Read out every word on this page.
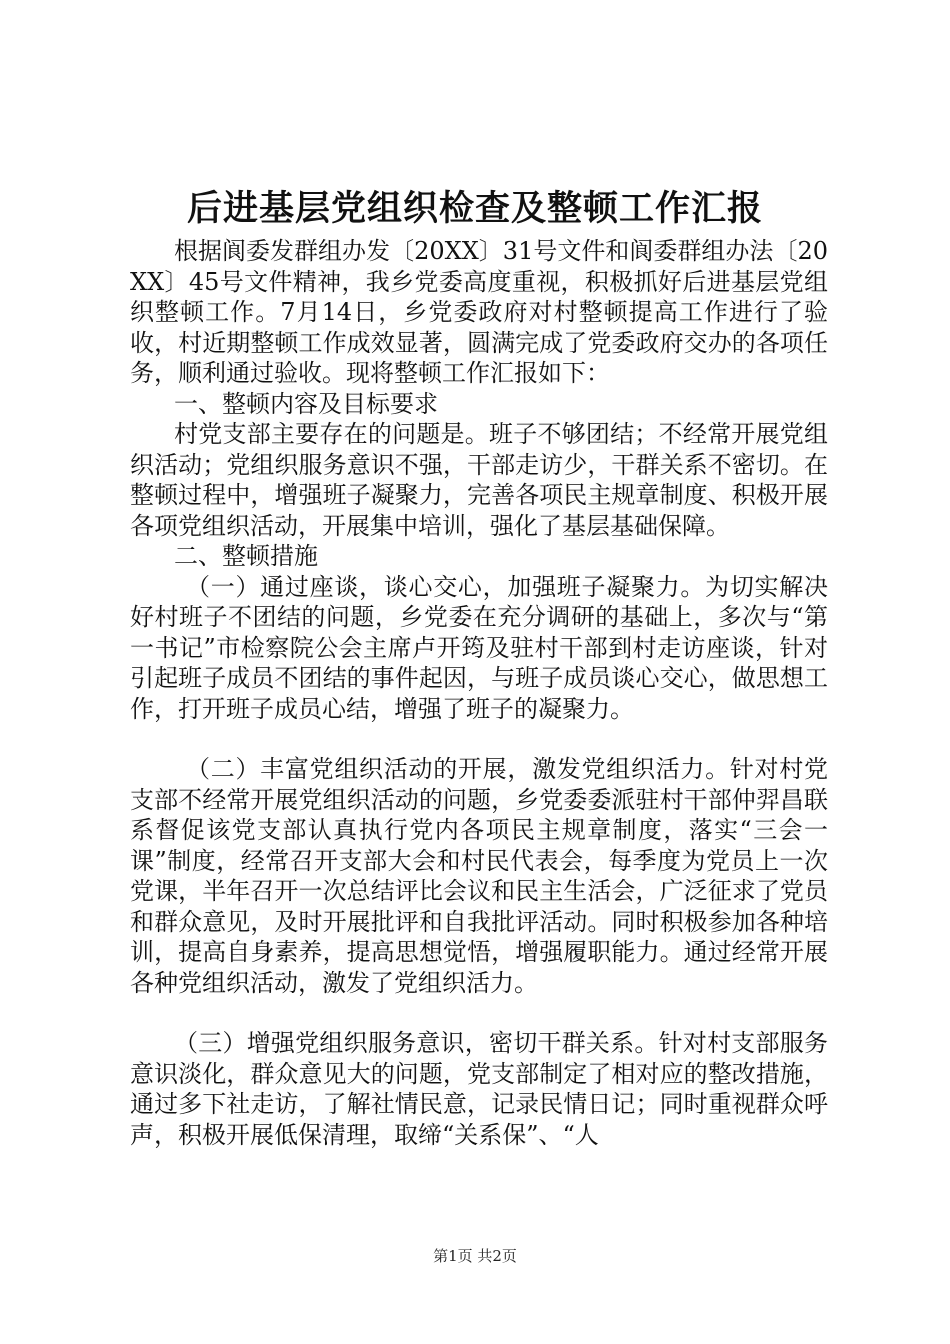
后进基层党组织检查及整顿工作汇报

根据阆委发群组办发〔20XX〕31号文件和阆委群组办法〔20XX〕45号文件精神，我乡党委高度重视，积极抓好后进基层党组织整顿工作。7月14日，乡党委政府对村整顿提高工作进行了验收，村近期整顿工作成效显著，圆满完成了党委政府交办的各项任务，顺利通过验收。现将整顿工作汇报如下：

一、整顿内容及目标要求

村党支部主要存在的问题是。班子不够团结；不经常开展党组织活动；党组织服务意识不强，干部走访少，干群关系不密切。在整顿过程中，增强班子凝聚力，完善各项民主规章制度、积极开展各项党组织活动，开展集中培训，强化了基层基础保障。

二、整顿措施

（一）通过座谈，谈心交心，加强班子凝聚力。为切实解决好村班子不团结的问题，乡党委在充分调研的基础上，多次与“第一书记”市检察院公会主席卢开筠及驻村干部到村走访座谈，针对引起班子成员不团结的事件起因，与班子成员谈心交心，做思想工作，打开班子成员心结，增强了班子的凝聚力。

（二）丰富党组织活动的开展，激发党组织活力。针对村党支部不经常开展党组织活动的问题，乡党委委派驻村干部仲羿昌联系督促该党支部认真执行党内各项民主规章制度，落实“三会一课”制度，经常召开支部大会和村民代表会，每季度为党员上一次党课，半年召开一次总结评比会议和民主生活会，广泛征求了党员和群众意见，及时开展批评和自我批评活动。同时积极参加各种培训，提高自身素养，提高思想觉悟，增强履职能力。通过经常开展各种党组织活动，激发了党组织活力。

（三）增强党组织服务意识，密切干群关系。针对村支部服务意识淡化，群众意见大的问题，党支部制定了相对应的整改措施，通过多下社走访，了解社情民意，记录民情日记；同时重视群众呼声，积极开展低保清理，取缔“关系保”、“人

第1页 共2页
